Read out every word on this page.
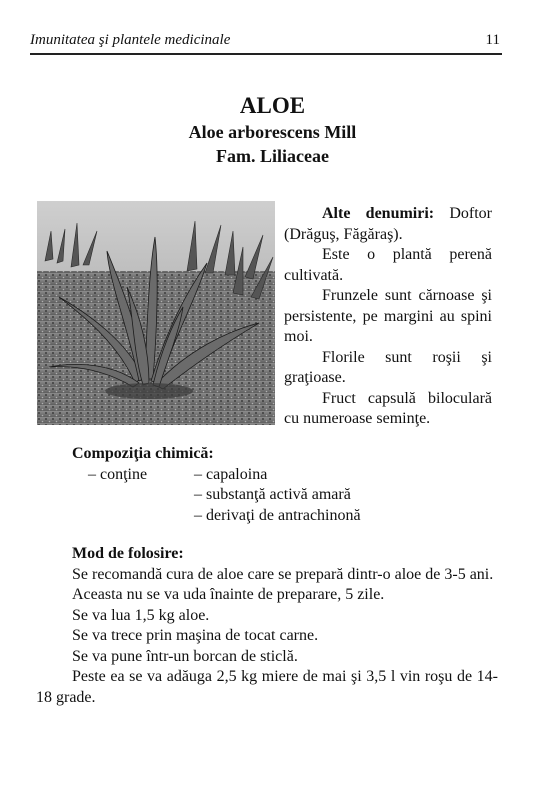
Imunitatea şi plantele medicinale	11
ALOE
Aloe arborescens Mill
Fam. Liliaceae

Alte denumiri: Doftor (Drăguş, Făgăraş).

Este o plantă perenă cultivată.

Frunzele sunt cărnoase şi persistente, pe margini au spini moi.

Florile sunt roşii şi graţioase.

Fruct capsulă biloculară cu numeroase seminţe.

Compoziţia chimică:
– conţine	– capaloina
– substanţă activă amară
– derivaţi de antrachinonă

Mod de folosire:

Se recomandă cura de aloe care se prepară dintr-o aloe de 3-5 ani.

Aceasta nu se va uda înainte de preparare, 5 zile.

Se va lua 1,5 kg aloe.

Se va trece prin maşina de tocat carne.

Se va pune într-un borcan de sticlă.

Peste ea se va adăuga 2,5 kg miere de mai şi 3,5 l vin roşu de 14-18 grade.
